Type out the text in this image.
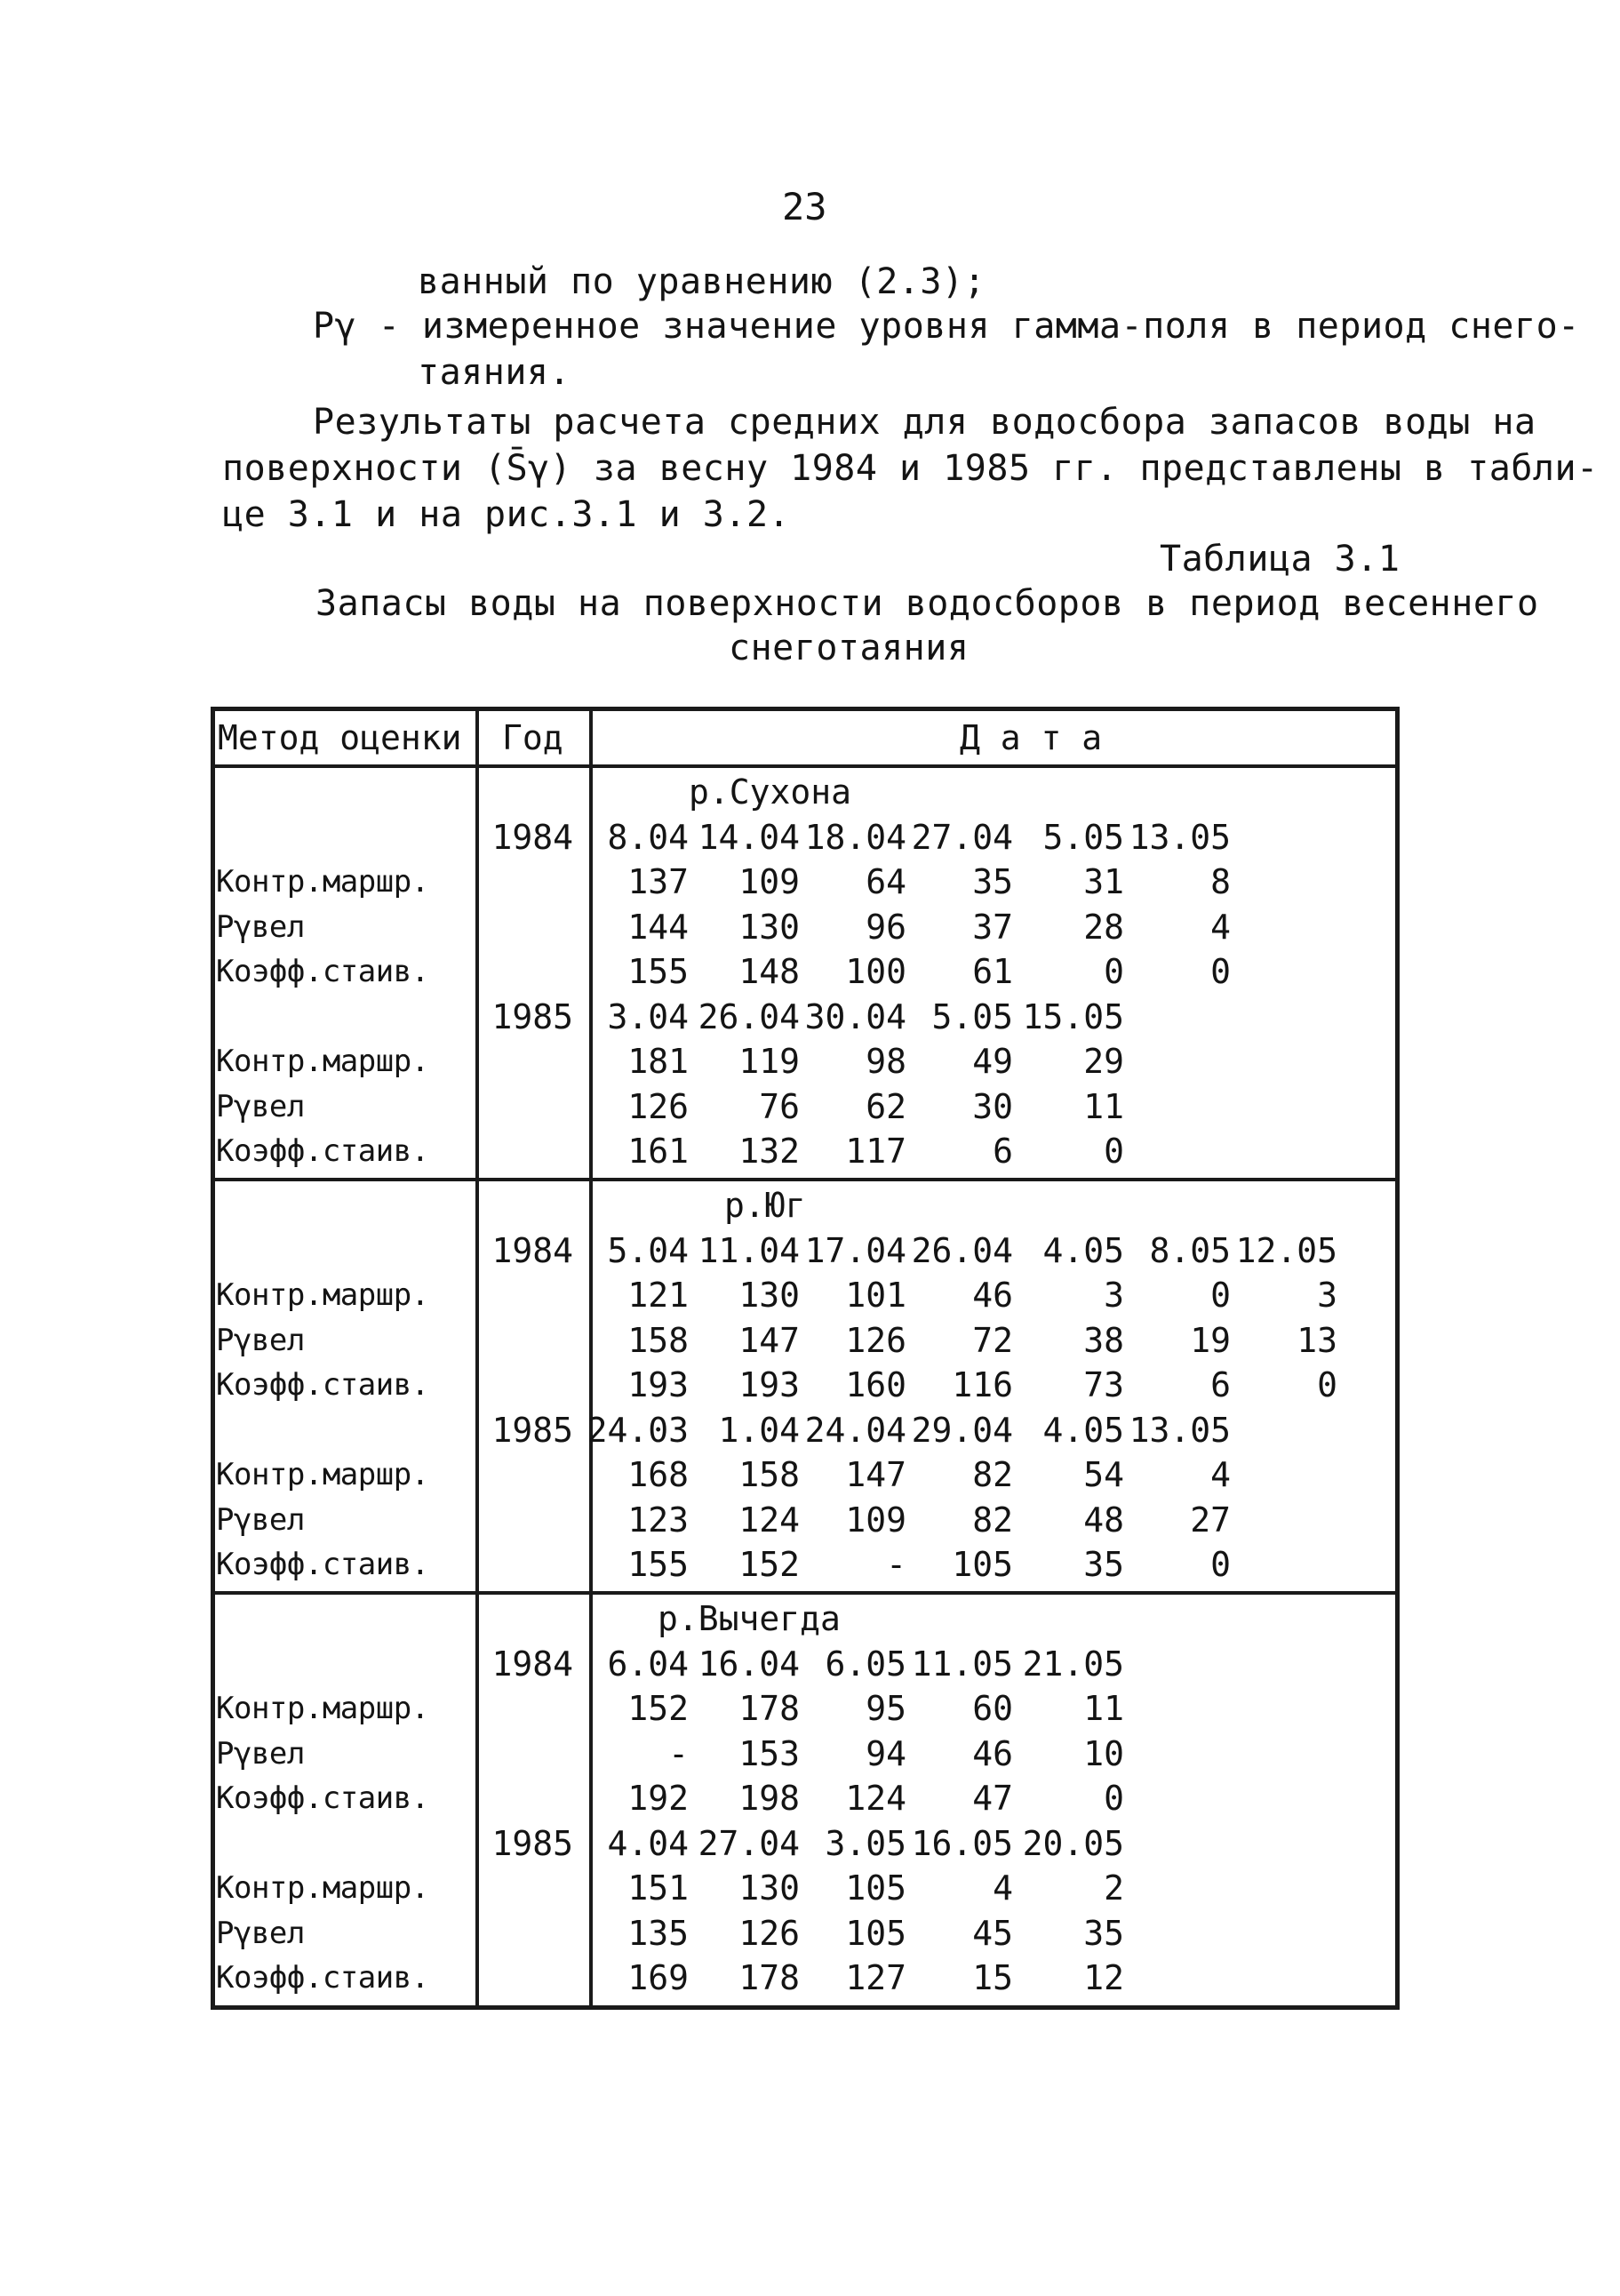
23
ванный по уравнению (2.3);
Pγ - измеренное значение уровня гамма-поля в период снего-
таяния.
Результаты расчета средних для водосбора запасов воды на
поверхности (S̄γ) за весну 1984 и 1985 гг. представлены в табли-
це 3.1 и на рис.3.1 и 3.2.
Таблица 3.1
Запасы воды на поверхности водосборов в период весеннего
снеготаяния
Метод оценки Год	Д а т а
р.Сухона
1984	8.04 14.04 18.04 27.04 5.05 13.05
Контр.маршр.	137	109	64	35	31	8
Pγвел	144	130	96	37	28	4
Коэфф.стаив.	155	148	100	61	0	0
1985	3.04 26.04 30.04 5.05 15.05
Контр.маршр.	181	119	98	49	29
Pγвел	126	76	62	30	11
Коэфф.стаив.	161	132	117	6	0
р.Юг
1984	5.04 11.04 17.04 26.04 4.05 8.05 12.05
Контр.маршр.	121	130	101	46	3	0	3
Pγвел	158	147	126	72	38	19	13
Коэфф.стаив.	193	193	160	116	73	6	0
1985 24.03 1.04 24.04 29.04 4.05 13.05
Контр.маршр.	168	158	147	82	54	4
Pγвел	123	124	109	82	48	27
Коэфф.стаив.	155	152	-	105	35	0
р.Вычегда
1984	6.04 16.04 6.05 11.05 21.05
Контр.маршр.	152	178	95	60	11
Pγвел	-	153	94	46	10
Коэфф.стаив.	192	198	124	47	0
1985	4.04 27.04 3.05 16.05 20.05
Контр.маршр.	151	130	105	4	2
Pγвел	135	126	105	45	35
Коэфф.стаив.	169	178	127	15	12
